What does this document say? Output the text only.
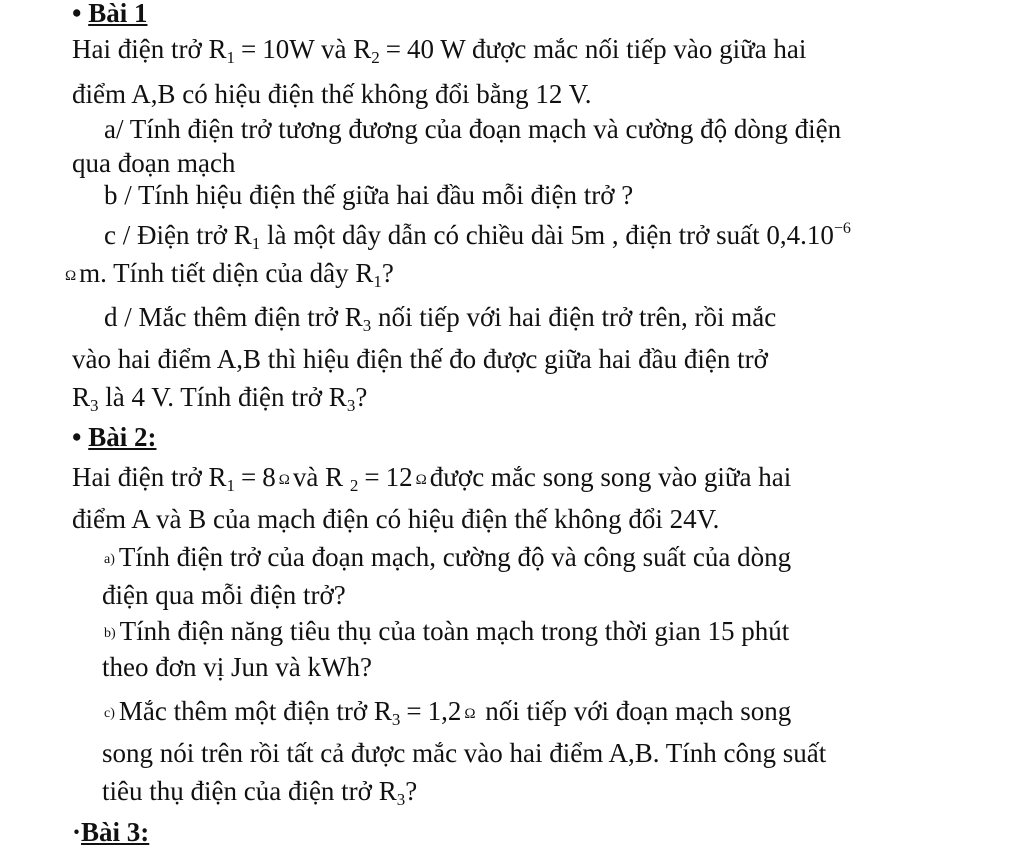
• Bài 1
Hai điện trở $R_1 = 10W$ và $R_2 = 40$ W được mắc nối tiếp vào giữa hai
điểm A,B có hiệu điện thế không đổi bằng 12 V.
a/ Tính điện trở tương đương của đoạn mạch và cường độ dòng điện
qua đoạn mạch
b / Tính hiệu điện thế giữa hai đầu mỗi điện trở ?
c / Điện trở $R_1$ là một dây dẫn có chiều dài 5m , điện trở suất $0,4.10^{-6}$
Ω m. Tính tiết diện của dây $R_1$?
d / Mắc thêm điện trở $R_3$ nối tiếp với hai điện trở trên, rồi mắc
vào hai điểm A,B thì hiệu điện thế đo được giữa hai đầu điện trở
$R_3$ là 4 V. Tính điện trở $R_3$?
• Bài 2:
Hai điện trở $R_1 = 8$ Ω và R $_2$ = 12 Ω được mắc song song vào giữa hai
điểm A và B của mạch điện có hiệu điện thế không đổi 24V.
a) Tính điện trở của đoạn mạch, cường độ và công suất của dòng
điện qua mỗi điện trở?
b) Tính điện năng tiêu thụ của toàn mạch trong thời gian 15 phút
theo đơn vị Jun và kWh?
c) Mắc thêm một điện trở $R_3 = 1,2$ Ω nối tiếp với đoạn mạch song
song nói trên rồi tất cả được mắc vào hai điểm A,B. Tính công suất
tiêu thụ điện của điện trở $R_3$?
·Bài 3:
